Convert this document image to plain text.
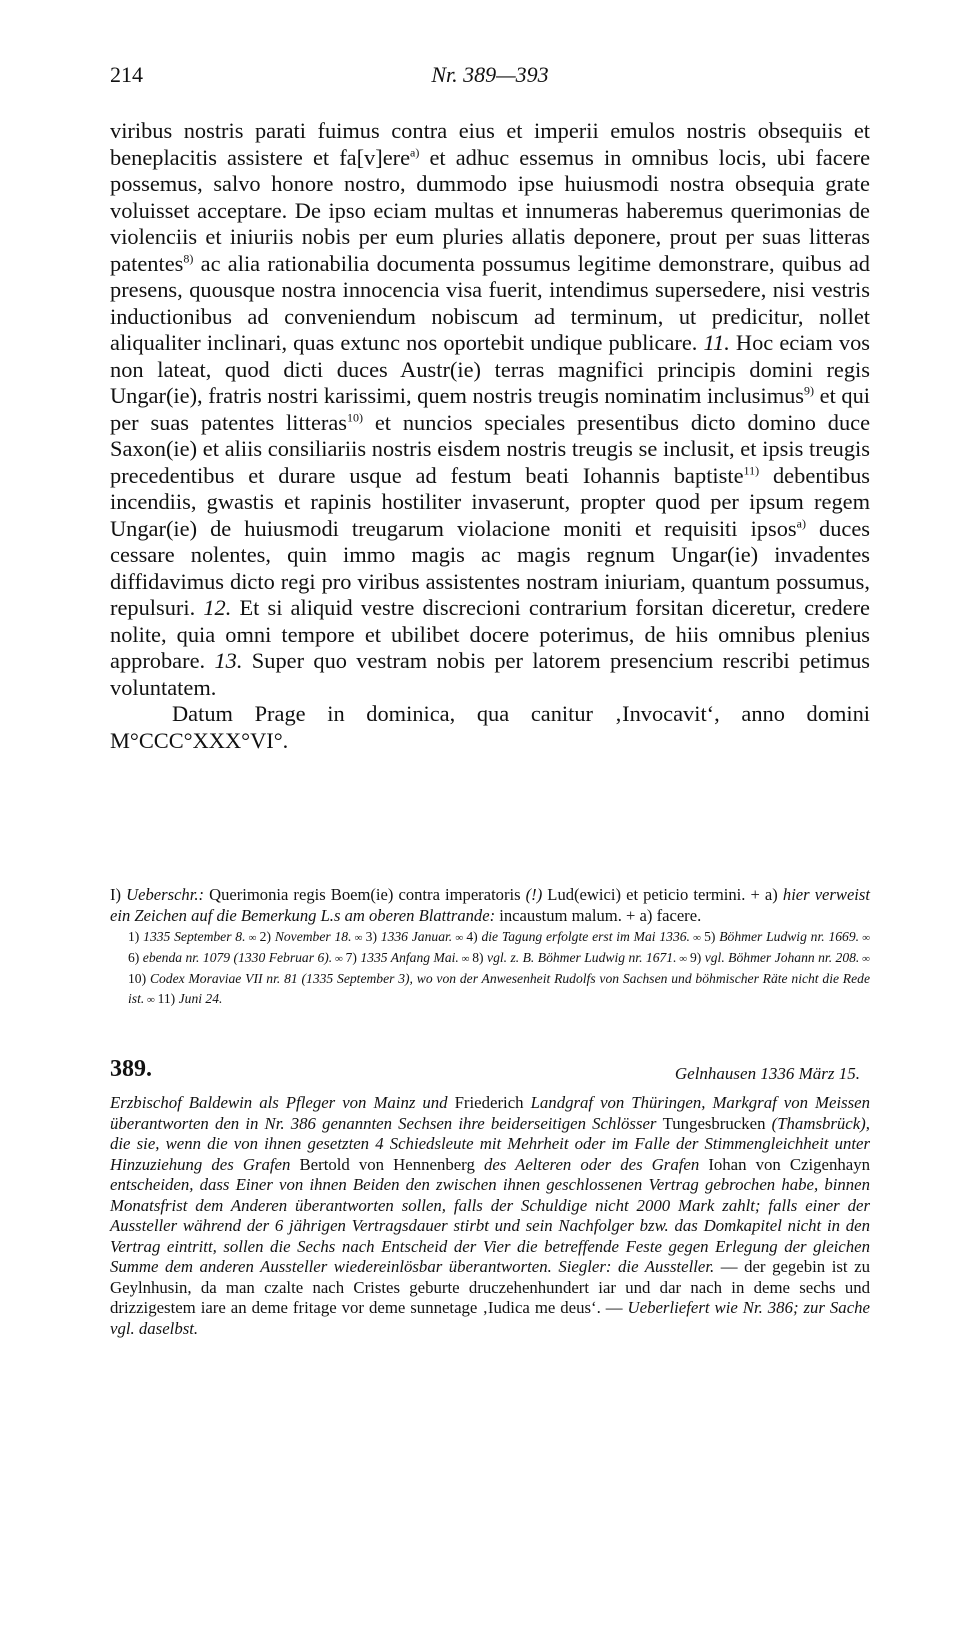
214	Nr. 389—393

viribus nostris parati fuimus contra eius et imperii emulos nostris obsequiis et beneplacitis assistere et fa[v]ere$^{a)}$ et adhuc essemus in omnibus locis, ubi facere possemus, salvo honore nostro, dummodo ipse huiusmodi nostra obsequia grate voluisset acceptare. De ipso eciam multas et innumeras haberemus querimonias de violenciis et iniuriis nobis per eum pluries allatis deponere, prout per suas litteras patentes$^{8)}$ ac alia rationabilia documenta possumus legitime demonstrare, quibus ad presens, quousque nostra innocencia visa fuerit, intendimus supersedere, nisi vestris inductionibus ad conveniendum nobiscum ad terminum, ut predicitur, nollet aliqualiter inclinari, quas extunc nos oportebit undique publicare. 11. Hoc eciam vos non lateat, quod dicti duces Austr(ie) terras magnifici principis domini regis Ungar(ie), fratris nostri karissimi, quem nostris treugis nominatim inclusimus$^{9)}$ et qui per suas patentes litteras$^{10)}$ et nuncios speciales presentibus dicto domino duce Saxon(ie) et aliis consiliariis nostris eisdem nostris treugis se inclusit, et ipsis treugis precedentibus et durare usque ad festum beati Iohannis baptiste$^{11)}$ debentibus incendiis, gwastis et rapinis hostiliter invaserunt, propter quod per ipsum regem Ungar(ie) de huiusmodi treugarum violacione moniti et requisiti ipsos$^{a)}$ duces cessare nolentes, quin immo magis ac magis regnum Ungar(ie) invadentes diffidavimus dicto regi pro viribus assistentes nostram iniuriam, quantum possumus, repulsuri. 12. Et si aliquid vestre discrecioni contrarium forsitan diceretur, credere nolite, quia omni tempore et ubilibet docere poterimus, de hiis omnibus plenius approbare. 13. Super quo vestram nobis per latorem presencium rescribi petimus voluntatem.

Datum Prage in dominica, qua canitur ‚Invocavit‘, anno domini M°CCC°XXX°VI°.

I) Ueberschr.: Querimonia regis Boem(ie) contra imperatoris (!) Lud(ewici) et peticio termini. + a) hier verweist ein Zeichen auf die Bemerkung L.s am oberen Blattrande: incaustum malum. + a) facere.

1) 1335 September 8. ∞ 2) November 18. ∞ 3) 1336 Januar. ∞ 4) die Tagung erfolgte erst im Mai 1336. ∞ 5) Böhmer Ludwig nr. 1669. ∞ 6) ebenda nr. 1079 (1330 Februar 6). ∞ 7) 1335 Anfang Mai. ∞ 8) vgl. z. B. Böhmer Ludwig nr. 1671. ∞ 9) vgl. Böhmer Johann nr. 208. ∞ 10) Codex Moraviae VII nr. 81 (1335 September 3), wo von der Anwesenheit Rudolfs von Sachsen und böhmischer Räte nicht die Rede ist. ∞ 11) Juni 24.

389.	Gelnhausen 1336 März 15.

Erzbischof Baldewin als Pfleger von Mainz und Friederich Landgraf von Thüringen, Markgraf von Meissen überantworten den in Nr. 386 genannten Sechsen ihre beiderseitigen Schlösser Tungesbrucken (Thamsbrück), die sie, wenn die von ihnen gesetzten 4 Schiedsleute mit Mehrheit oder im Falle der Stimmengleichheit unter Hinzuziehung des Grafen Bertold von Hennenberg des Aelteren oder des Grafen Iohan von Czigenhayn entscheiden, dass Einer von ihnen Beiden den zwischen ihnen geschlossenen Vertrag gebrochen habe, binnen Monatsfrist dem Anderen überantworten sollen, falls der Schuldige nicht 2000 Mark zahlt; falls einer der Aussteller während der 6 jährigen Vertragsdauer stirbt und sein Nachfolger bzw. das Domkapitel nicht in den Vertrag eintritt, sollen die Sechs nach Entscheid der Vier die betreffende Feste gegen Erlegung der gleichen Summe dem anderen Aussteller wiedereinlösbar überantworten. Siegler: die Aussteller. — der gegebin ist zu Geylnhusin, da man czalte nach Cristes geburte druczehenhundert iar und dar nach in deme sechs und drizzigestem iare an deme fritage vor deme sunnetage ‚Iudica me deus‘. — Ueberliefert wie Nr. 386; zur Sache vgl. daselbst.
